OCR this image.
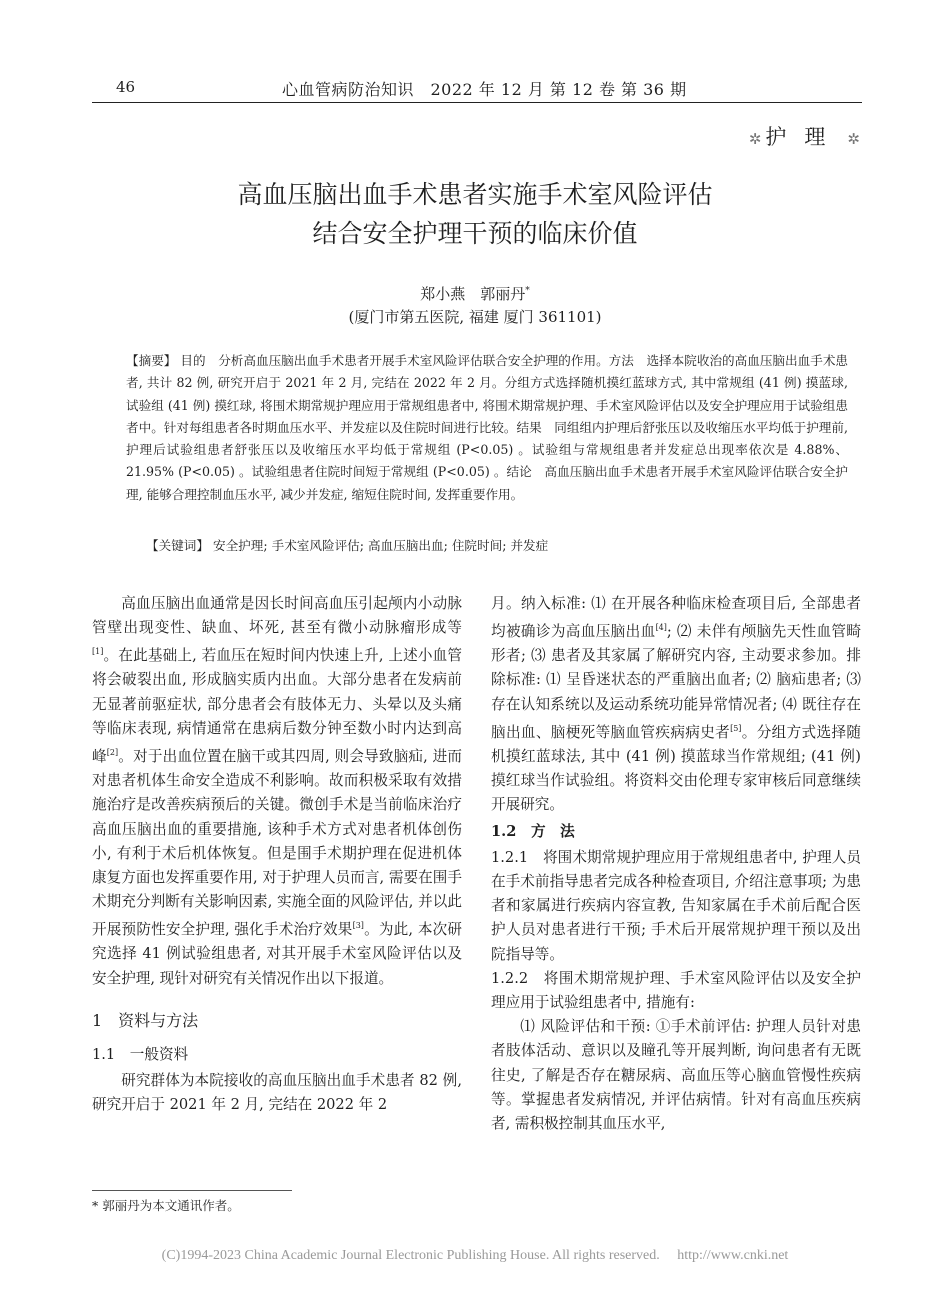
46	心血管病防治知识　2022 年 12 月 第 12 卷 第 36 期
✲ 护理 ✲
高血压脑出血手术患者实施手术室风险评估
结合安全护理干预的临床价值
郑小燕　郭丽丹*
(厦门市第五医院, 福建 厦门 361101)
【摘要】 目的　分析高血压脑出血手术患者开展手术室风险评估联合安全护理的作用。方法　选择本院收治的高血压脑出血手术患者, 共计 82 例, 研究开启于 2021 年 2 月, 完结在 2022 年 2 月。分组方式选择随机摸红蓝球方式, 其中常规组 (41 例) 摸蓝球, 试验组 (41 例) 摸红球, 将围术期常规护理应用于常规组患者中, 将围术期常规护理、手术室风险评估以及安全护理应用于试验组患者中。针对每组患者各时期血压水平、并发症以及住院时间进行比较。结果　同组组内护理后舒张压以及收缩压水平均低于护理前, 护理后试验组患者舒张压以及收缩压水平均低于常规组 (P<0.05) 。试验组与常规组患者并发症总出现率依次是 4.88%、21.95% (P<0.05) 。试验组患者住院时间短于常规组 (P<0.05) 。结论　高血压脑出血手术患者开展手术室风险评估联合安全护理, 能够合理控制血压水平, 减少并发症, 缩短住院时间, 发挥重要作用。
【关键词】 安全护理; 手术室风险评估; 高血压脑出血; 住院时间; 并发症

高血压脑出血通常是因长时间高血压引起颅内小动脉管壁出现变性、缺血、坏死, 甚至有微小动脉瘤形成等[1]。在此基础上, 若血压在短时间内快速上升, 上述小血管将会破裂出血, 形成脑实质内出血。大部分患者在发病前无显著前驱症状, 部分患者会有肢体无力、头晕以及头痛等临床表现, 病情通常在患病后数分钟至数小时内达到高峰[2]。对于出血位置在脑干或其四周, 则会导致脑疝, 进而对患者机体生命安全造成不利影响。故而积极采取有效措施治疗是改善疾病预后的关键。微创手术是当前临床治疗高血压脑出血的重要措施, 该种手术方式对患者机体创伤小, 有利于术后机体恢复。但是围手术期护理在促进机体康复方面也发挥重要作用, 对于护理人员而言, 需要在围手术期充分判断有关影响因素, 实施全面的风险评估, 并以此开展预防性安全护理, 强化手术治疗效果[3]。为此, 本次研究选择 41 例试验组患者, 对其开展手术室风险评估以及安全护理, 现针对研究有关情况作出以下报道。

1　资料与方法

1.1　一般资料

研究群体为本院接收的高血压脑出血手术患者 82 例, 研究开启于 2021 年 2 月, 完结在 2022 年 2

月。纳入标准: ⑴ 在开展各种临床检查项目后, 全部患者均被确诊为高血压脑出血[4]; ⑵ 未伴有颅脑先天性血管畸形者; ⑶ 患者及其家属了解研究内容, 主动要求参加。排除标准: ⑴ 呈昏迷状态的严重脑出血者; ⑵ 脑疝患者; ⑶ 存在认知系统以及运动系统功能异常情况者; ⑷ 既往存在脑出血、脑梗死等脑血管疾病病史者[5]。分组方式选择随机摸红蓝球法, 其中 (41 例) 摸蓝球当作常规组; (41 例) 摸红球当作试验组。将资料交由伦理专家审核后同意继续开展研究。

1.2　方　法

1.2.1　将围术期常规护理应用于常规组患者中, 护理人员在手术前指导患者完成各种检查项目, 介绍注意事项; 为患者和家属进行疾病内容宣教, 告知家属在手术前后配合医护人员对患者进行干预; 手术后开展常规护理干预以及出院指导等。

1.2.2　将围术期常规护理、手术室风险评估以及安全护理应用于试验组患者中, 措施有:

⑴ 风险评估和干预: ①手术前评估: 护理人员针对患者肢体活动、意识以及瞳孔等开展判断, 询问患者有无既往史, 了解是否存在糖尿病、高血压等心脑血管慢性疾病等。掌握患者发病情况, 并评估病情。针对有高血压疾病者, 需积极控制其血压水平,

* 郭丽丹为本文通讯作者。
(C)1994-2023 China Academic Journal Electronic Publishing House. All rights reserved.　 http://www.cnki.net
